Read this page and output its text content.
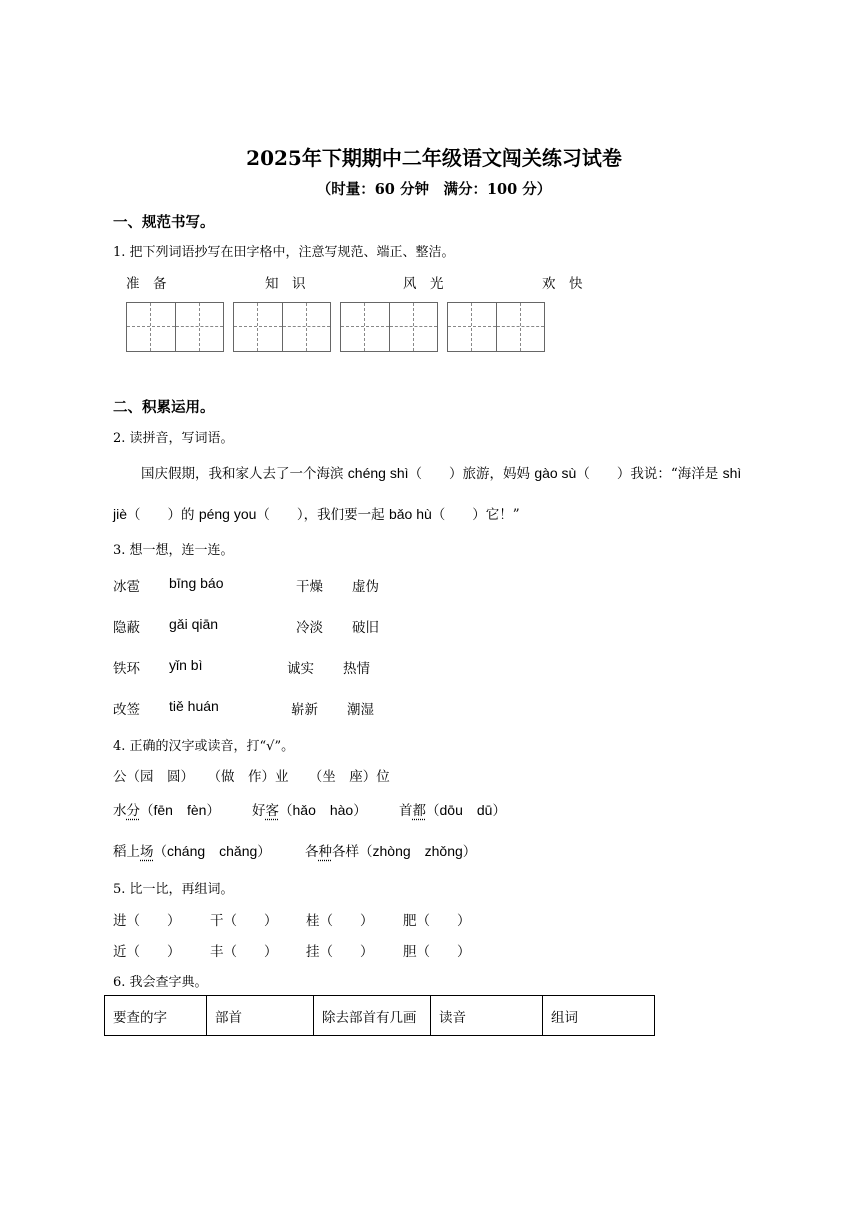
2025年下期期中二年级语文闯关练习试卷
（时量：60 分钟　满分：100 分）
一、规范书写。
1. 把下列词语抄写在田字格中，注意写规范、端正、整洁。
准　备	知　识	风　光	欢　快
二、积累运用。
2. 读拼音，写词语。
国庆假期，我和家人去了一个海滨 chéng shì（　　）旅游，妈妈 gào sù（　　）我说：“海洋是 shì
jiè（　　）的 péng you（　　），我们要一起 bǎo hù（　　）它！”
3. 想一想，连一连。
冰雹 bīng báo	干燥 虚伪
隐蔽 gǎi qiān	冷淡 破旧
铁环 yǐn bì	诚实 热情
改签 tiě huán	崭新 潮湿
4. 正确的汉字或读音，打“√”。
公（园　圆）　　（做　作）业　　（坐　座）位
水分（fēn　fèn） 好客（hǎo　hào） 首都（dōu　dū）
稻上场（cháng　chǎng）	各种各样（zhòng　zhǒng）
5. 比一比，再组词。
进（　　） 干（　　） 桂（　　） 肥（　　）
近（　　） 丰（　　） 挂（　　） 胆（　　）
6. 我会查字典。
要查的字	部首	除去部首有几画	读音	组词
